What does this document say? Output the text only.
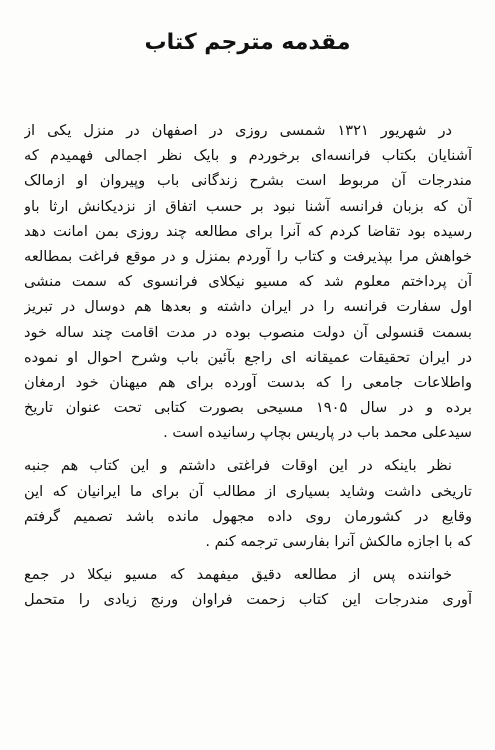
مقدمه مترجم کتاب
در شهریور ۱۳۲۱ شمسی روزی در اصفهان در منزل یکی از
آشنایان بکتاب فرانسه‌ای برخوردم و بایک نظر اجمالی فهمیدم که
مندرجات آن مربوط است بشرح زندگانی باب وپیروان او ازمالک
آن که بزبان فرانسه آشنا نبود بر حسب اتفاق از نزدیکانش ارثا باو
رسیده بود تقاضا کردم که آنرا برای مطالعه چند روزی بمن امانت دهد
خواهش مرا بپذیرفت و کتاب را آوردم بمنزل و در موقع فراغت بمطالعه
آن پرداختم معلوم شد که مسیو نیکلای فرانسوی که سمت منشی
اول سفارت فرانسه را در ایران داشته و بعدها هم دوسال در تبریز
بسمت قنسولی آن دولت منصوب بوده در مدت اقامت چند ساله خود
در ایران تحقیقات عمیقانه ای راجع بآئین باب وشرح احوال او نموده
واطلاعات جامعی را که بدست آورده برای هم میهنان خود ارمغان
برده و در سال ۱۹۰۵ مسیحی بصورت کتابی تحت عنوان تاریخ
سیدعلی محمد باب در پاریس بچاپ رسانیده است .
نظر باینکه در این اوقات فراغتی داشتم و این کتاب هم جنبه
تاریخی داشت وشاید بسیاری از مطالب آن برای ما ایرانیان که این
وقایع در کشورمان روی داده مجهول مانده باشد تصمیم گرفتم
که با اجازه مالکش آنرا بفارسی ترجمه کنم .
خواننده پس از مطالعه دقیق میفهمد که مسیو نیکلا در جمع
آوری مندرجات این کتاب زحمت فراوان ورنج زیادی را متحمل
